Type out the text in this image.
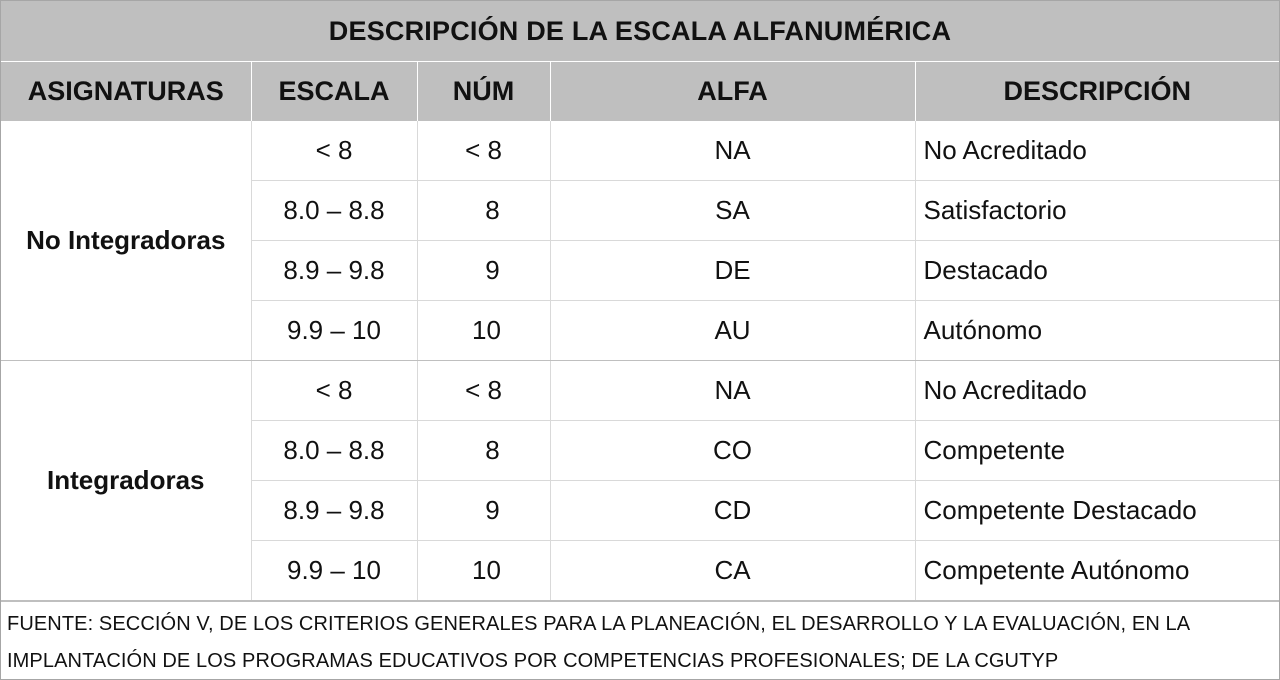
DESCRIPCIÓN DE LA ESCALA ALFANUMÉRICA
ASIGNATURAS	ESCALA	NÚM	ALFA	DESCRIPCIÓN
No Integradoras	< 8	< 8	NA	No Acreditado
	8.0 – 8.8	8	SA	Satisfactorio
	8.9 – 9.8	9	DE	Destacado
	9.9 – 10	10	AU	Autónomo
Integradoras	< 8	< 8	NA	No Acreditado
	8.0 – 8.8	8	CO	Competente
	8.9 – 9.8	9	CD	Competente Destacado
	9.9 – 10	10	CA	Competente Autónomo
FUENTE: SECCIÓN V, DE LOS CRITERIOS GENERALES PARA LA PLANEACIÓN, EL DESARROLLO Y LA EVALUACIÓN, EN LA
IMPLANTACIÓN DE LOS PROGRAMAS EDUCATIVOS POR COMPETENCIAS PROFESIONALES; DE LA CGUTYP
